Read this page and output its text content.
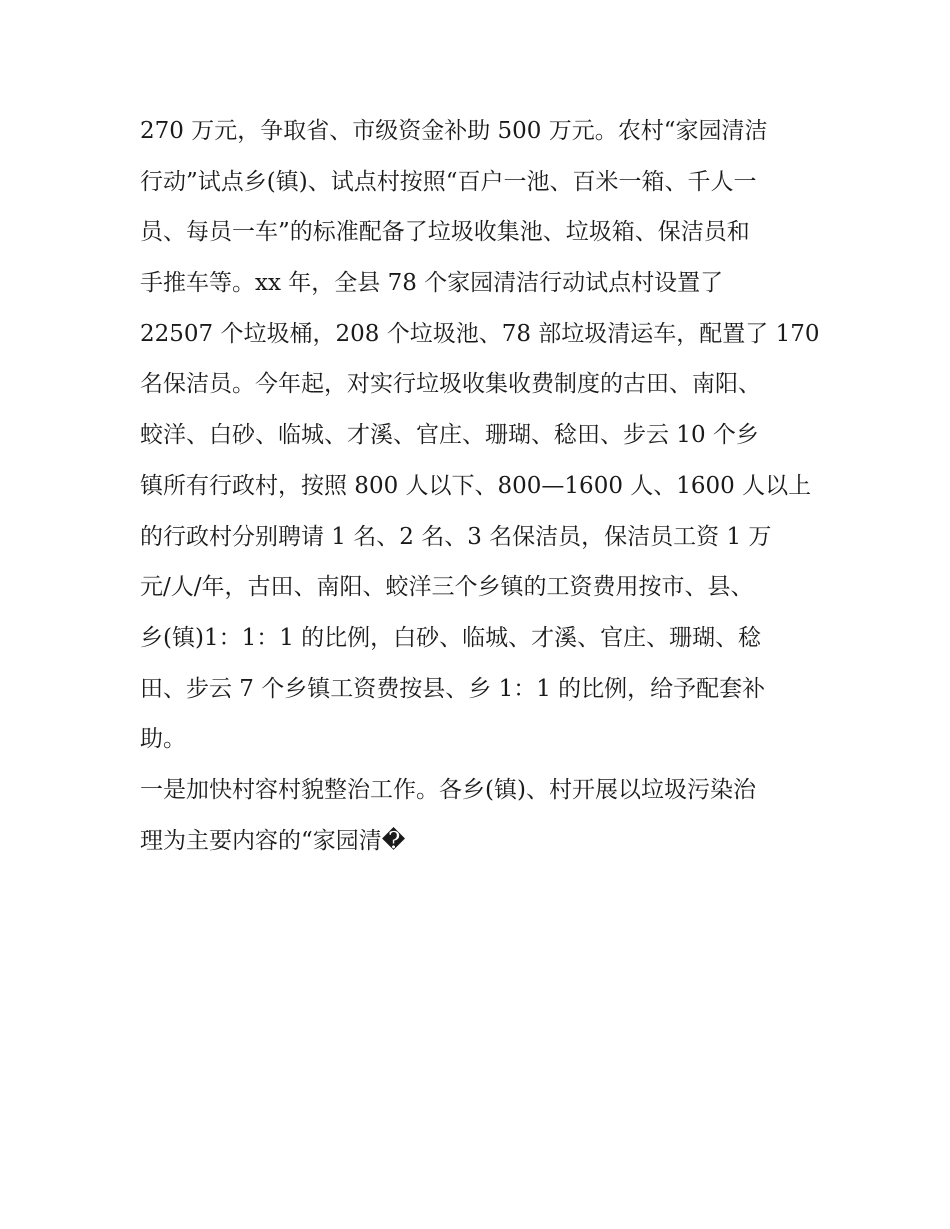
270 万元，争取省、市级资金补助 500 万元。农村“家园清洁
行动”试点乡(镇)、试点村按照“百户一池、百米一箱、千人一
员、每员一车”的标准配备了垃圾收集池、垃圾箱、保洁员和
手推车等。xx 年，全县 78 个家园清洁行动试点村设置了
22507 个垃圾桶，208 个垃圾池、78 部垃圾清运车，配置了 170
名保洁员。今年起，对实行垃圾收集收费制度的古田、南阳、
蛟洋、白砂、临城、才溪、官庄、珊瑚、稔田、步云 10 个乡
镇所有行政村，按照 800 人以下、800—1600 人、1600 人以上
的行政村分别聘请 1 名、2 名、3 名保洁员，保洁员工资 1 万
元/人/年，古田、南阳、蛟洋三个乡镇的工资费用按市、县、
乡(镇)1：1：1 的比例，白砂、临城、才溪、官庄、珊瑚、稔
田、步云 7 个乡镇工资费按县、乡 1：1 的比例，给予配套补
助。
一是加快村容村貌整治工作。各乡(镇)、村开展以垃圾污染治
理为主要内容的“家园清�
